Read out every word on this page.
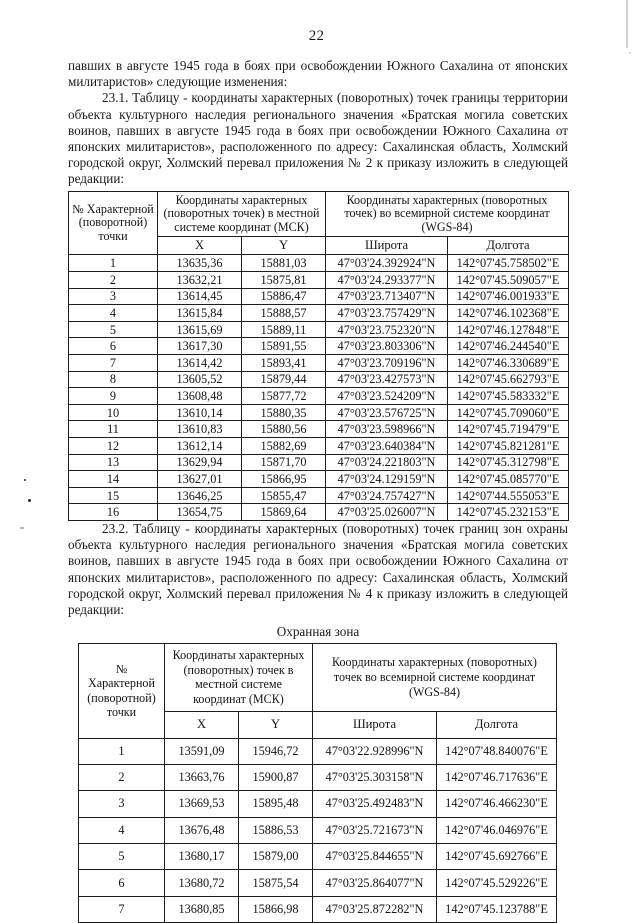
22

павших в августе 1945 года в боях при освобождении Южного Сахалина от японских милитаристов» следующие изменения:

23.1. Таблицу - координаты характерных (поворотных) точек границы территории объекта культурного наследия регионального значения «Братская могила советских воинов, павших в августе 1945 года в боях при освобождении Южного Сахалина от японских милитаристов», расположенного по адресу: Сахалинская область, Холмский городской округ, Холмский перевал приложения № 2 к приказу изложить в следующей редакции:

№ Характерной (поворотной) точки	Координаты характерных (поворотных точек) в местной системе координат (МСК)		Координаты характерных (поворотных точек) во всемирной системе координат (WGS-84)	
	X	Y	Широта	Долгота
1	13635,36	15881,03	47°03'24.392924"N	142°07'45.758502"E
2	13632,21	15875,81	47°03'24.293377"N	142°07'45.509057"E
3	13614,45	15886,47	47°03'23.713407"N	142°07'46.001933"E
4	13615,84	15888,57	47°03'23.757429"N	142°07'46.102368"E
5	13615,69	15889,11	47°03'23.752320"N	142°07'46.127848"E
6	13617,30	15891,55	47°03'23.803306"N	142°07'46.244540"E
7	13614,42	15893,41	47°03'23.709196"N	142°07'46.330689"E
8	13605,52	15879,44	47°03'23.427573"N	142°07'45.662793"E
9	13608,48	15877,72	47°03'23.524209"N	142°07'45.583332"E
10	13610,14	15880,35	47°03'23.576725"N	142°07'45.709060"E
11	13610,83	15880,56	47°03'23.598966"N	142°07'45.719479"E
12	13612,14	15882,69	47°03'23.640384"N	142°07'45.821281"E
13	13629,94	15871,70	47°03'24.221803"N	142°07'45.312798"E
14	13627,01	15866,95	47°03'24.129159"N	142°07'45.085770"E
15	13646,25	15855,47	47°03'24.757427"N	142°07'44.555053"E
16	13654,75	15869,64	47°03'25.026007"N	142°07'45.232153"E

23.2. Таблицу - координаты характерных (поворотных) точек границ зон охраны объекта культурного наследия регионального значения «Братская могила советских воинов, павших в августе 1945 года в боях при освобождении Южного Сахалина от японских милитаристов», расположенного по адресу: Сахалинская область, Холмский городской округ, Холмский перевал приложения № 4 к приказу изложить в следующей редакции:

Охранная зона
№ Характерной (поворотной) точки	Координаты характерных (поворотных) точек в местной системе координат (МСК)		Координаты характерных (поворотных) точек во всемирной системе координат (WGS-84)	
	X	Y	Широта	Долгота
1	13591,09	15946,72	47°03'22.928996"N	142°07'48.840076"E
2	13663,76	15900,87	47°03'25.303158"N	142°07'46.717636"E
3	13669,53	15895,48	47°03'25.492483"N	142°07'46.466230"E
4	13676,48	15886,53	47°03'25.721673"N	142°07'46.046976"E
5	13680,17	15879,00	47°03'25.844655"N	142°07'45.692766"E
6	13680,72	15875,54	47°03'25.864077"N	142°07'45.529226"E
7	13680,85	15866,98	47°03'25.872282"N	142°07'45.123788"E
